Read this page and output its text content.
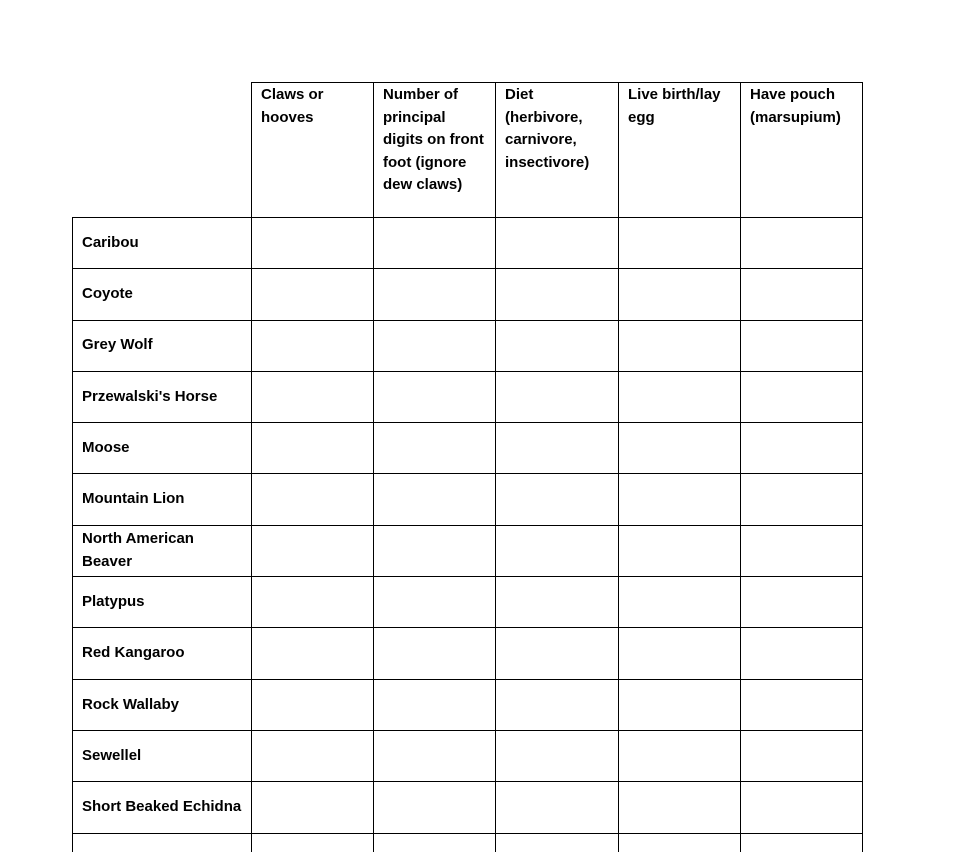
	Claws or hooves	Number of principal digits on front foot (ignore dew claws)	Diet (herbivore, carnivore, insectivore)	Live birth/lay egg	Have pouch (marsupium)
Caribou					
Coyote					
Grey Wolf					
Przewalski's Horse					
Moose					
Mountain Lion					
North American Beaver					
Platypus					
Red Kangaroo					
Rock Wallaby					
Sewellel					
Short Beaked Echidna					
